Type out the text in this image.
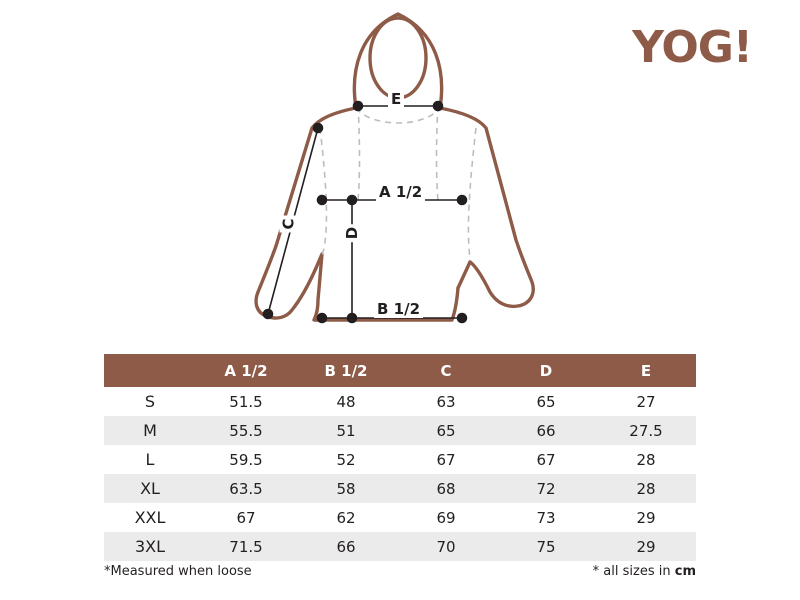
YOG!
E
A 1/2
B 1/2
D
C
	A 1/2	B 1/2	C	D	E
S	51.5	48	63	65	27
M	55.5	51	65	66	27.5
L	59.5	52	67	67	28
XL	63.5	58	68	72	28
XXL	67	62	69	73	29
3XL	71.5	66	70	75	29
*Measured when loose	* all sizes in cm
